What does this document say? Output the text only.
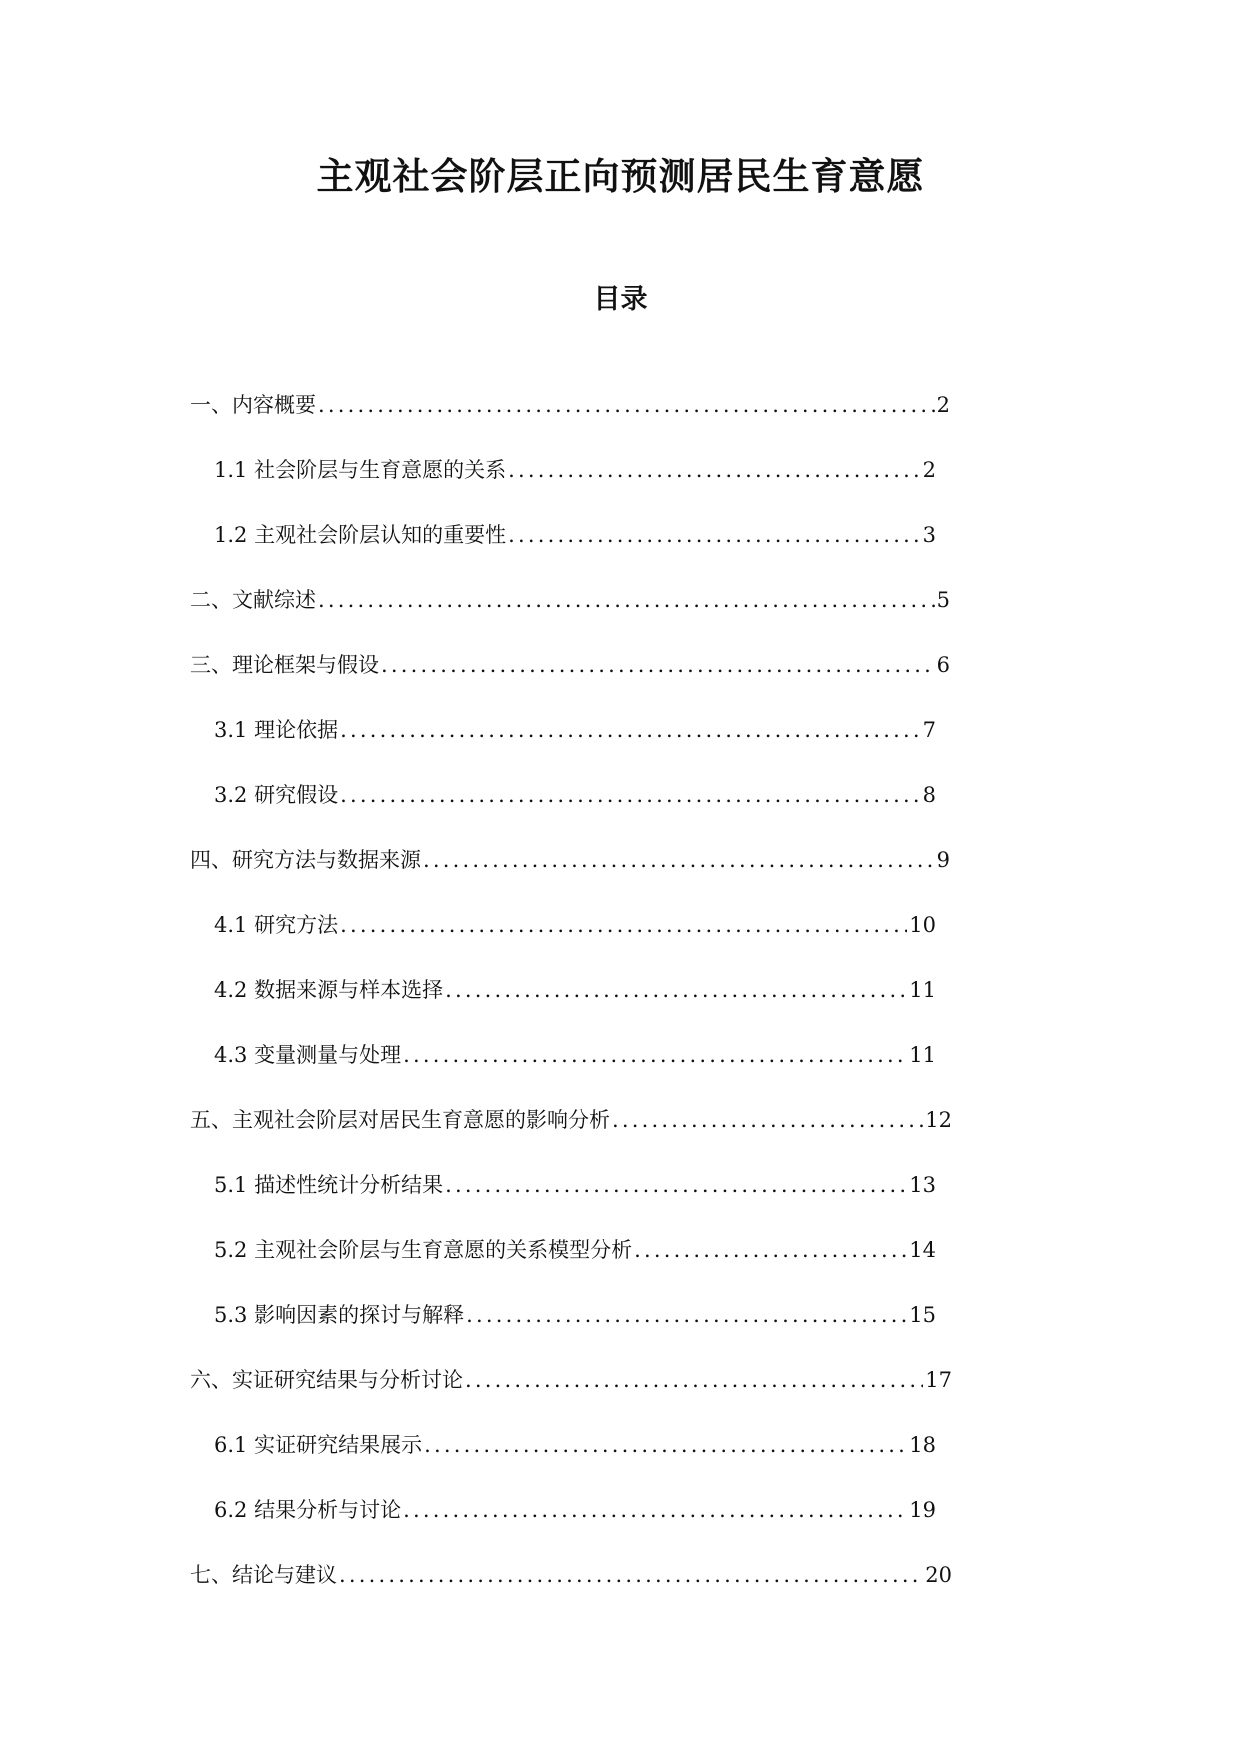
主观社会阶层正向预测居民生育意愿
目录
一、 内容概要 .....	2
1.1 社会阶层与生育意愿的关系 .....	2
1.2 主观社会阶层认知的重要性 .....	3
二、 文献综述 .....	5
三、 理论框架与假设 .....	6
3.1 理论依据 .....	7
3.2 研究假设 .....	8
四、 研究方法与数据来源 .....	9
4.1 研究方法 .....	10
4.2 数据来源与样本选择 .....	11
4.3 变量测量与处理 .....	11
五、 主观社会阶层对居民生育意愿的影响分析 .....	12
5.1 描述性统计分析结果 .....	13
5.2 主观社会阶层与生育意愿的关系模型分析 .....	14
5.3 影响因素的探讨与解释 .....	15
六、 实证研究结果与分析讨论 .....	17
6.1 实证研究结果展示 .....	18
6.2 结果分析与讨论 .....	19
七、 结论与建议 .....	20
